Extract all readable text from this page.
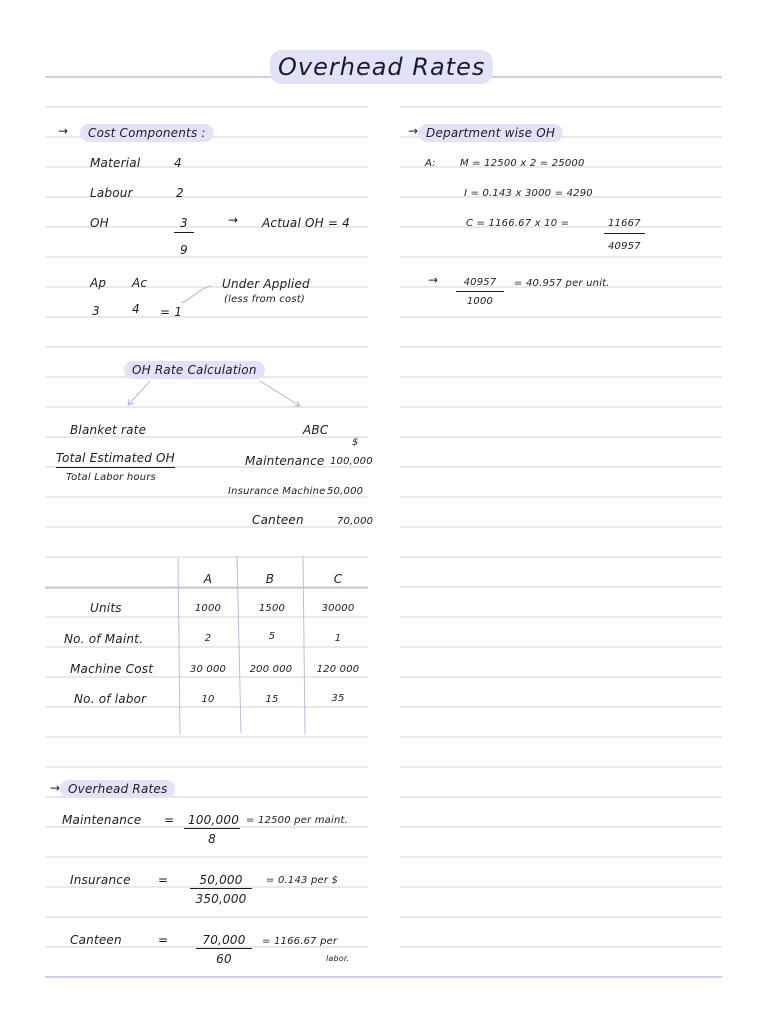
Overhead Rates
→	Cost Components :
Material	4
Labour	2
OH	3
9
→ Actual OH = 4
Ap Ac
3	4 = 1
Under Applied
(less from cost)
OH Rate Calculation
Blanket rate	ABC
$
Total Estimated OH
Total Labor hours
Maintenance 100,000
Insurance Machine 50,000
Canteen	70,000
A	B	C
Units	1000	1500	30000
No. of Maint.	2	5	1
Machine Cost	30 000	200 000	120 000
No. of labor	10	15	35
→ Overhead Rates
Maintenance = $\frac{100,000}{8} = 12500$ per maint.
Insurance = $\frac{50,000}{350,000} = 0.143$ per $
Canteen	= $\frac{70,000}{60} = 1166.67$ per
labor.
→ Department wise OH
A: M = 12500 x 2 = 25000
I = 0.143 x 3000 = 4290
C = 1166.67 x 10 =	11667
40957
→ $\frac{40957}{1000} = 40.957$ per unit.
